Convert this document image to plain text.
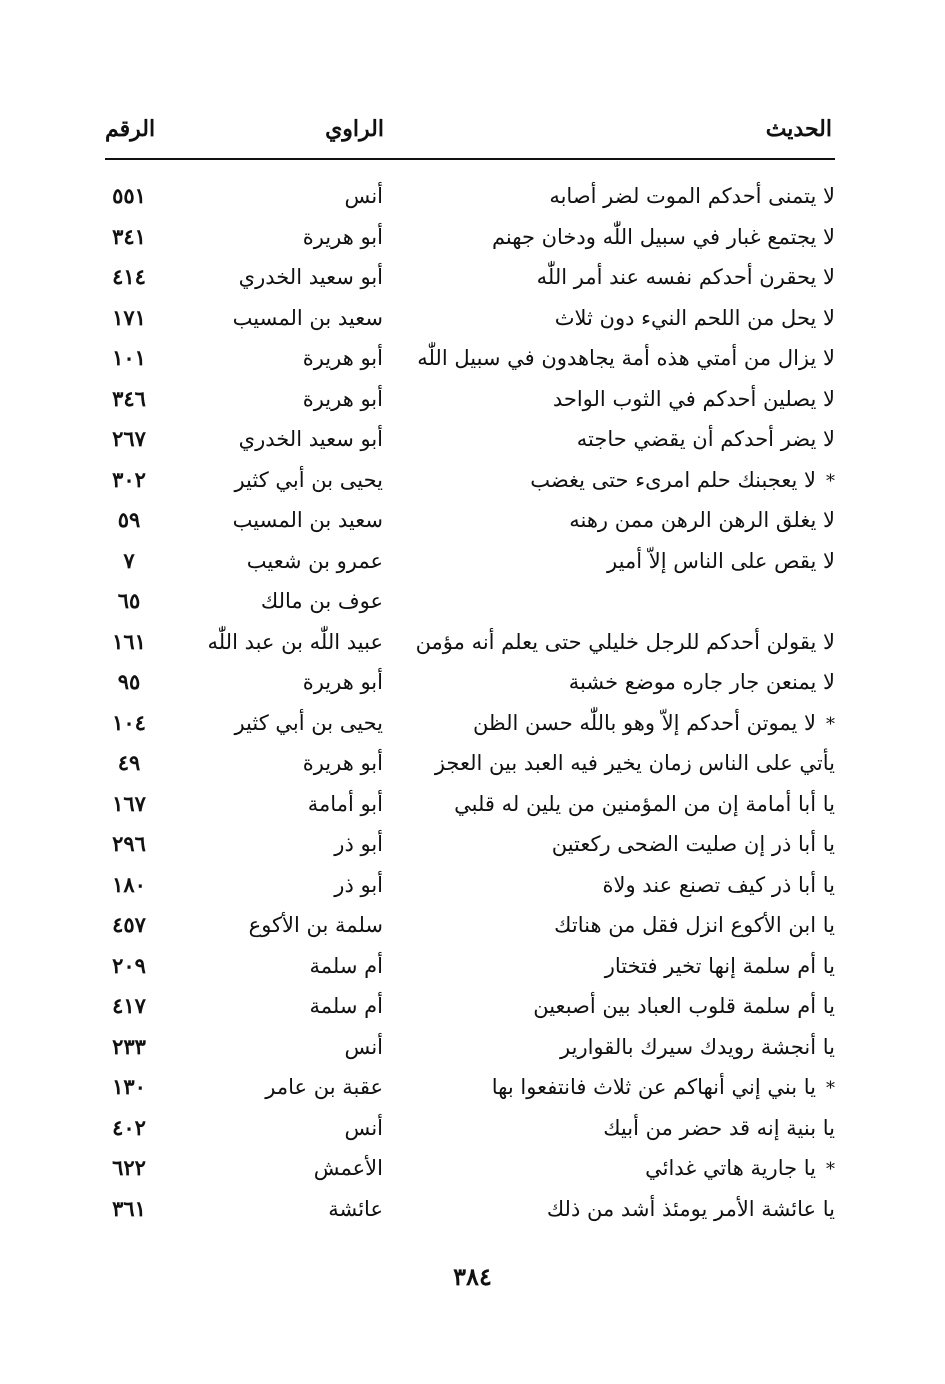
الحديث
الراوي
الرقم
لا يتمنى أحدكم الموت لضر أصابه
أنس
٥٥١
لا يجتمع غبار في سبيل اللّٰه ودخان جهنم
أبو هريرة
٣٤١
لا يحقرن أحدكم نفسه عند أمر اللّٰه
أبو سعيد الخدري
٤١٤
لا يحل من اللحم النيء دون ثلاث
سعيد بن المسيب
١٧١
لا يزال من أمتي هذه أمة يجاهدون في سبيل اللّٰه
أبو هريرة
١٠١
لا يصلين أحدكم في الثوب الواحد
أبو هريرة
٣٤٦
لا يضر أحدكم أن يقضي حاجته
أبو سعيد الخدري
٢٦٧
*لا يعجبنك حلم امرىء حتى يغضب
يحيى بن أبي كثير
٣٠٢
لا يغلق الرهن الرهن ممن رهنه
سعيد بن المسيب
٥٩
لا يقص على الناس إلاّ أمير
عمرو بن شعيب
٧
عوف بن مالك
٦٥
لا يقولن أحدكم للرجل خليلي حتى يعلم أنه مؤمن
عبيد اللّٰه بن عبد اللّٰه
١٦١
لا يمنعن جار جاره موضع خشبة
أبو هريرة
٩٥
*لا يموتن أحدكم إلاّ وهو باللّٰه حسن الظن
يحيى بن أبي كثير
١٠٤
يأتي على الناس زمان يخير فيه العبد بين العجز
أبو هريرة
٤٩
يا أبا أمامة إن من المؤمنين من يلين له قلبي
أبو أمامة
١٦٧
يا أبا ذر إن صليت الضحى ركعتين
أبو ذر
٢٩٦
يا أبا ذر كيف تصنع عند ولاة
أبو ذر
١٨٠
يا ابن الأكوع انزل فقل من هناتك
سلمة بن الأكوع
٤٥٧
يا أم سلمة إنها تخير فتختار
أم سلمة
٢٠٩
يا أم سلمة قلوب العباد بين أصبعين
أم سلمة
٤١٧
يا أنجشة رويدك سيرك بالقوارير
أنس
٢٣٣
*يا بني إني أنهاكم عن ثلاث فانتفعوا بها
عقبة بن عامر
١٣٠
يا بنية إنه قد حضر من أبيك
أنس
٤٠٢
*يا جارية هاتي غدائي
الأعمش
٦٢٢
يا عائشة الأمر يومئذ أشد من ذلك
عائشة
٣٦١
٣٨٤
